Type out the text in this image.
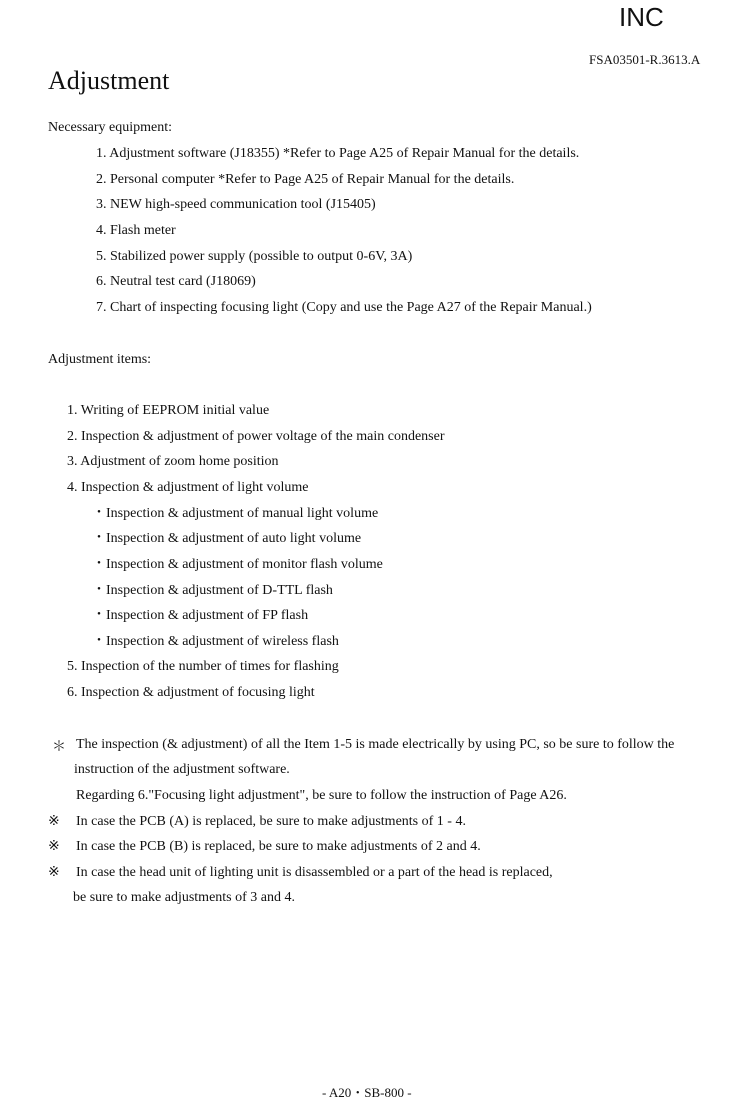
INC
FSA03501-R.3613.A
Adjustment
Necessary equipment:
1. Adjustment software (J18355) *Refer to Page A25 of Repair Manual for the details.
2. Personal computer *Refer to Page A25 of Repair Manual for the details.
3. NEW high-speed communication tool (J15405)
4. Flash meter
5. Stabilized power supply (possible to output 0-6V, 3A)
6. Neutral test card (J18069)
7. Chart of inspecting focusing light (Copy and use the Page A27 of the Repair Manual.)
Adjustment items:
1. Writing of EEPROM initial value
2. Inspection & adjustment of power voltage of the main condenser
3. Adjustment of zoom home position
4. Inspection & adjustment of light volume
・Inspection & adjustment of manual light volume
・Inspection & adjustment of auto light volume
・Inspection & adjustment of monitor flash volume
・Inspection & adjustment of D-TTL flash
・Inspection & adjustment of FP flash
・Inspection & adjustment of wireless flash
5. Inspection of the number of times for flashing
6. Inspection & adjustment of focusing light
＊ The inspection (& adjustment) of all the Item 1-5 is made electrically by using PC, so be sure to follow the
instruction of the adjustment software.
Regarding 6."Focusing light adjustment", be sure to follow the instruction of Page A26.
※ In case the PCB (A) is replaced, be sure to make adjustments of 1 - 4.
※ In case the PCB (B) is replaced, be sure to make adjustments of 2 and 4.
※ In case the head unit of lighting unit is disassembled or a part of the head is replaced,
be sure to make adjustments of 3 and 4.
- A20・SB-800 -
